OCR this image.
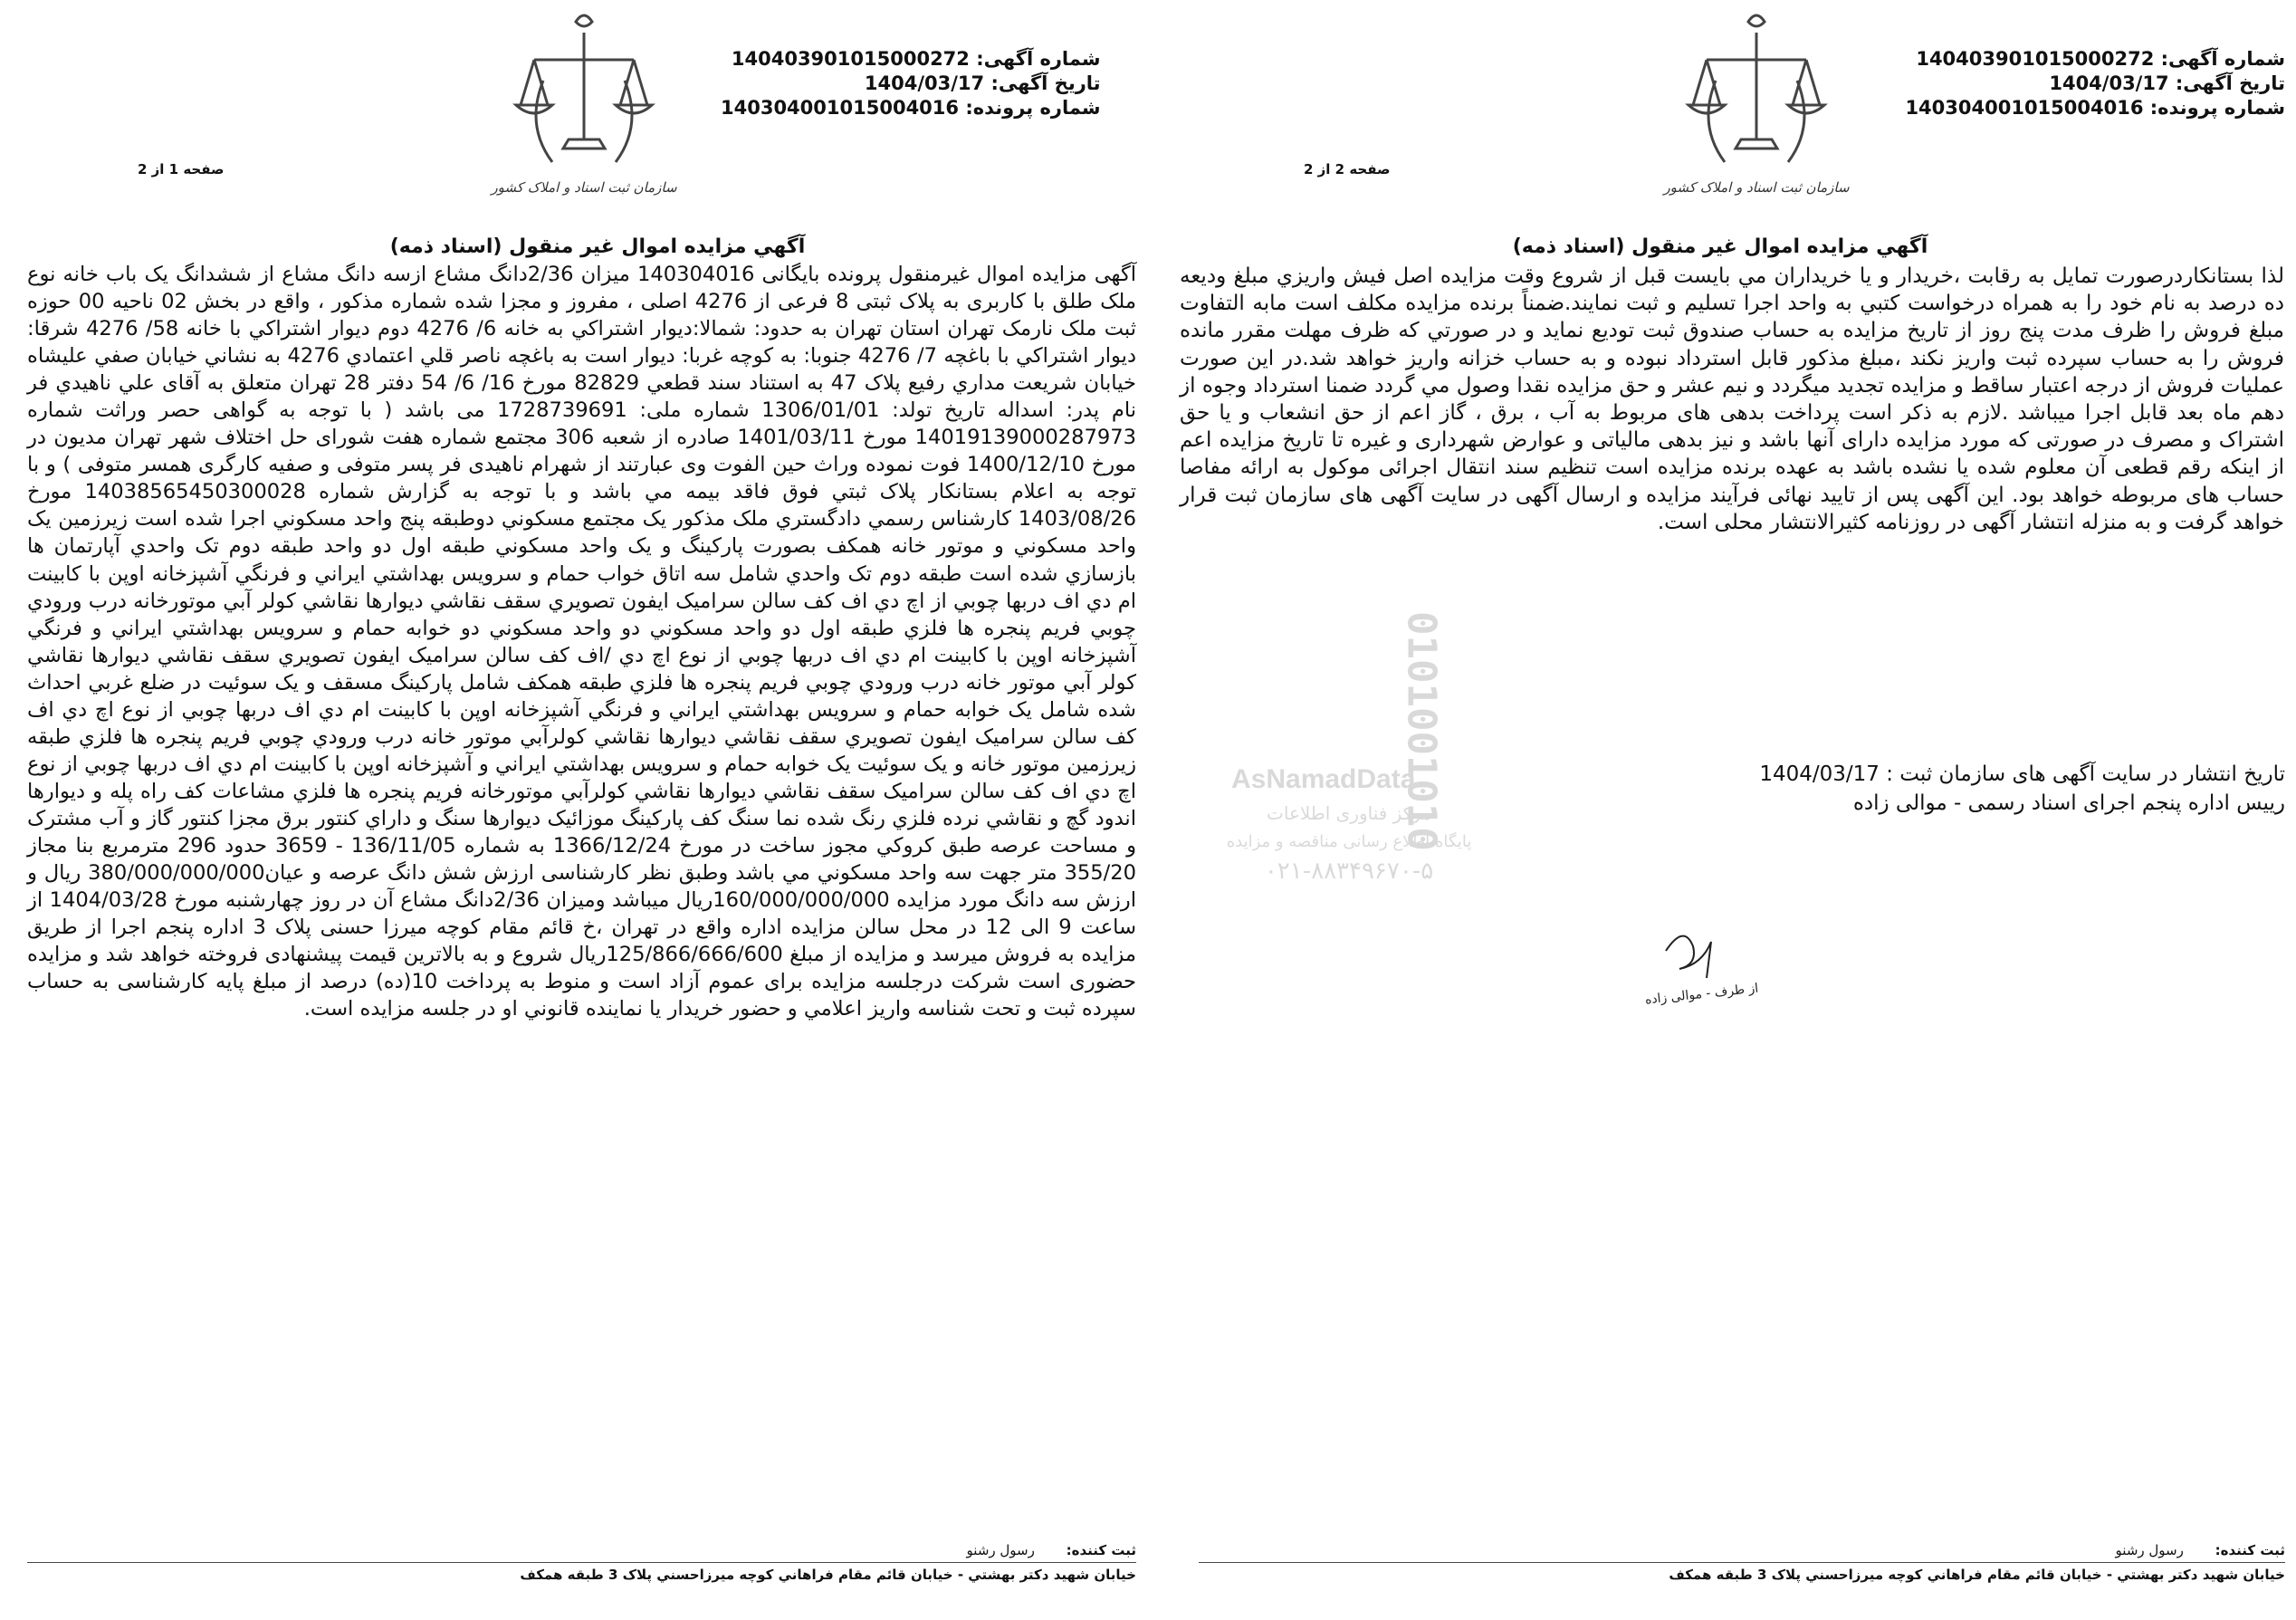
0101001010
AsNamadData
مرکز فناوری اطلاعات
پایگاه اطلاع رسانی مناقصه و مزایده
۰۲۱-۸۸۳۴۹۶۷۰-۵
شماره آگهی: 140403901015000272
تاریخ آگهی: 1404/03/17
شماره پرونده: 140304001015004016
سازمان ثبت اسناد و املاک کشور
صفحه 2 از 2
آگهي مزايده اموال غير منقول (اسناد ذمه)
لذا بستانکاردرصورت تمايل به رقابت ،خريدار و يا خريداران مي بايست قبل از شروع وقت مزايده اصل فيش واريزي مبلغ وديعه ده درصد به نام خود را به همراه درخواست کتبي به واحد اجرا تسليم و ثبت نمايند.ضمناً برنده مزايده مکلف است مابه التفاوت مبلغ فروش را ظرف مدت پنج روز از تاريخ مزايده به حساب صندوق ثبت توديع نمايد و در صورتي که ظرف مهلت مقرر مانده فروش را به حساب سپرده ثبت واريز نکند ،مبلغ مذکور قابل استرداد نبوده و به حساب خزانه واريز خواهد شد.در اين صورت عمليات فروش از درجه اعتبار ساقط و مزايده تجديد ميگردد و نيم عشر و حق مزايده نقدا وصول مي گردد ضمنا استرداد وجوه از دهم ماه بعد قابل اجرا ميباشد .لازم به ذکر است پرداخت بدهی های مربوط به آب ، برق ، گاز اعم از حق انشعاب و يا حق اشتراک و مصرف در صورتی که مورد مزايده دارای آنها باشد و نيز بدهی مالياتی و عوارض شهرداری و غيره تا تاريخ مزايده اعم از اينکه رقم قطعی آن معلوم شده يا نشده باشد به عهده برنده مزايده است تنظيم سند انتقال اجرائی موکول به ارائه مفاصا حساب های مربوطه خواهد بود. اين آگهی پس از تاييد نهائی فرآيند مزايده و ارسال آگهی در سايت آگهی های سازمان ثبت قرار خواهد گرفت و به منزله انتشار آگهی در روزنامه کثيرالانتشار محلی است.
تاريخ انتشار در سايت آگهی های سازمان ثبت : 1404/03/17
رييس اداره پنجم اجرای اسناد رسمی - موالی زاده
از طرف - موالی زاده
ثبت کننده: رسول رشنو
خيابان شهيد دکتر بهشتي - خيابان قائم مقام فراهاني کوچه ميرزاحسني پلاک 3 طبقه همکف
شماره آگهی: 140403901015000272
تاریخ آگهی: 1404/03/17
شماره پرونده: 140304001015004016
سازمان ثبت اسناد و املاک کشور
صفحه 1 از 2
آگهي مزايده اموال غير منقول (اسناد ذمه)
آگهی مزايده اموال غيرمنقول پرونده بايگانی 140304016 ميزان 2/36دانگ مشاع ازسه دانگ مشاع از ششدانگ يک باب خانه نوع ملک طلق با کاربری به پلاک ثبتی 8 فرعی از 4276 اصلی ، مفروز و مجزا شده شماره مذکور ، واقع در بخش 02 ناحيه 00 حوزه ثبت ملک نارمک تهران استان تهران به حدود: شمالا:ديوار اشتراکي به خانه 6/ 4276 دوم ديوار اشتراکي با خانه 58/ 4276 شرقا: ديوار اشتراکي با باغچه 7/ 4276 جنوبا: به کوچه غربا: ديوار است به باغچه ناصر قلي اعتمادي 4276 به نشاني خيابان صفي عليشاه خيابان شريعت مداري رفيع پلاک 47 به استناد سند قطعي 82829 مورخ 16/ 6/ 54 دفتر 28 تهران متعلق به آقای علي ناهيدي فر نام پدر: اسداله تاريخ تولد: 1306/01/01 شماره ملی: 1728739691 می باشد ( با توجه به گواهی حصر وراثت شماره 14019139000287973 مورخ 1401/03/11 صادره از شعبه 306 مجتمع شماره هفت شورای حل اختلاف شهر تهران مديون در مورخ 1400/12/10 فوت نموده وراث حين الفوت وی عبارتند از شهرام ناهيدی فر پسر متوفی و صفيه کارگری همسر متوفی ) و با توجه به اعلام بستانکار پلاک ثبتي فوق فاقد بيمه مي باشد و با توجه به گزارش شماره 14038565450300028 مورخ 1403/08/26 کارشناس رسمي دادگستري ملک مذکور يک مجتمع مسکوني دوطبقه پنج واحد مسکوني اجرا شده است زيرزمين يک واحد مسکوني و موتور خانه همکف بصورت پارکينگ و يک واحد مسکوني طبقه اول دو واحد طبقه دوم تک واحدي آپارتمان ها بازسازي شده است طبقه دوم تک واحدي شامل سه اتاق خواب حمام و سرويس بهداشتي ايراني و فرنگي آشپزخانه اوپن با کابينت ام دي اف دربها چوبي از اچ دي اف کف سالن سراميک ايفون تصويري سقف نقاشي ديوارها نقاشي کولر آبي موتورخانه درب ورودي چوبي فريم پنجره ها فلزي طبقه اول دو واحد مسکوني دو واحد مسکوني دو خوابه حمام و سرويس بهداشتي ايراني و فرنگي آشپزخانه اوپن با کابينت ام دي اف دربها چوبي از نوع اچ دي /اف کف سالن سراميک ايفون تصويري سقف نقاشي ديوارها نقاشي کولر آبي موتور خانه درب ورودي چوبي فريم پنجره ها فلزي طبقه همکف شامل پارکينگ مسقف و يک سوئيت در ضلع غربي احداث شده شامل يک خوابه حمام و سرويس بهداشتي ايراني و فرنگي آشپزخانه اوپن با کابينت ام دي اف دربها چوبي از نوع اچ دي اف کف سالن سراميک ايفون تصويري سقف نقاشي ديوارها نقاشي کولرآبي موتور خانه درب ورودي چوبي فريم پنجره ها فلزي طبقه زيرزمين موتور خانه و يک سوئيت يک خوابه حمام و سرويس بهداشتي ايراني و آشپزخانه اوپن با کابينت ام دي اف دربها چوبي از نوع اچ دي اف کف سالن سراميک سقف نقاشي ديوارها نقاشي کولرآبي موتورخانه فريم پنجره ها فلزي مشاعات کف راه پله و ديوارها اندود گچ و نقاشي نرده فلزي رنگ شده نما سنگ کف پارکينگ موزائيک ديوارها سنگ و داراي کنتور برق مجزا کنتور گاز و آب مشترک و مساحت عرصه طبق کروکي مجوز ساخت در مورخ 1366/12/24 به شماره 136/11/05 - 3659 حدود 296 مترمربع بنا مجاز 355/20 متر جهت سه واحد مسکوني مي باشد وطبق نظر کارشناسی ارزش شش دانگ عرصه و عيان380/000/000/000 ريال و ارزش سه دانگ مورد مزايده 160/000/000/000ريال ميباشد وميزان 2/36دانگ مشاع آن در روز چهارشنبه مورخ 1404/03/28 از ساعت 9 الی 12 در محل سالن مزايده اداره واقع در تهران ،خ قائم مقام کوچه ميرزا حسنی پلاک 3 اداره پنجم اجرا از طريق مزايده به فروش ميرسد و مزايده از مبلغ 125/866/666/600ريال شروع و به بالاترين قيمت پيشنهادی فروخته خواهد شد و مزايده حضوری است شرکت درجلسه مزايده برای عموم آزاد است و منوط به پرداخت 10(ده) درصد از مبلغ پايه کارشناسی به حساب سپرده ثبت و تحت شناسه واريز اعلامي و حضور خريدار يا نماينده قانوني او در جلسه مزايده است.
ثبت کننده: رسول رشنو
خيابان شهيد دکتر بهشتي - خيابان قائم مقام فراهاني کوچه ميرزاحسني پلاک 3 طبقه همکف
